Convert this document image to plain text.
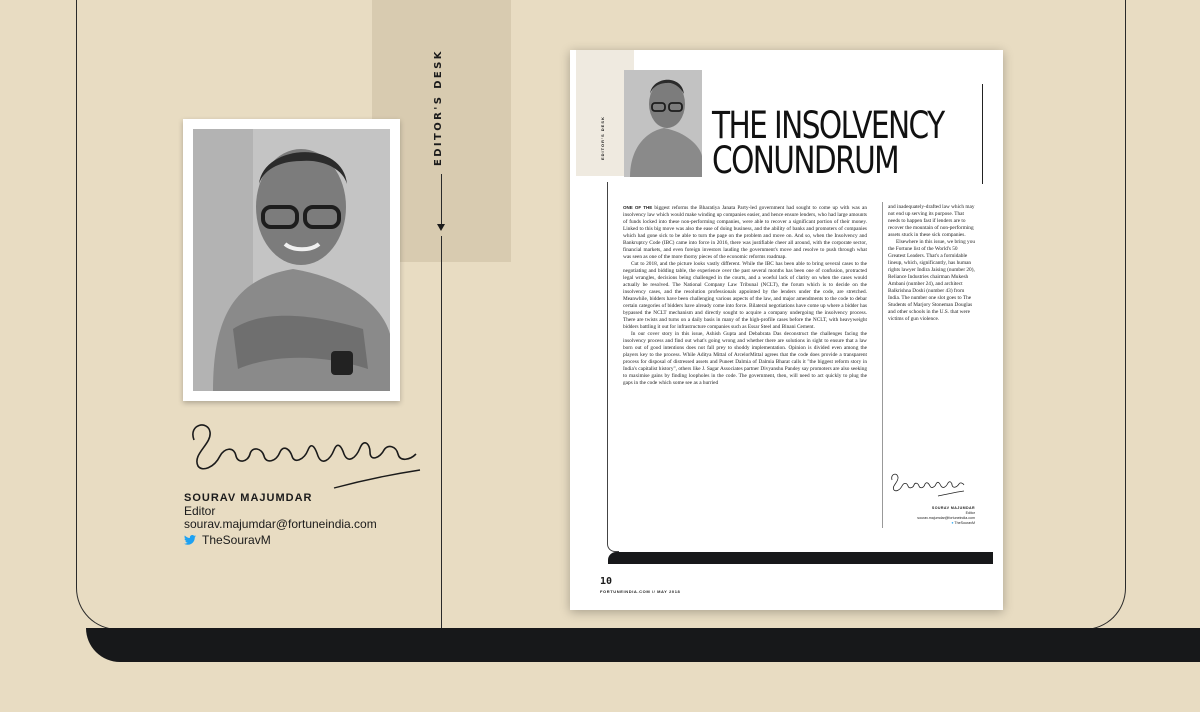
EDITOR'S DESK
SOURAV MAJUMDAR
Editor
sourav.majumdar@fortuneindia.com
TheSouravM
EDITOR'S DESK	THE INSOLVENCY
CONUNDRUM

ONE OF THE biggest reforms the Bharatiya Janata Party-led government had sought to come up with was an insolvency law which would make winding up companies easier, and hence ensure lenders, who had large amounts of funds locked into these non-performing companies, were able to recover a significant portion of their money. Linked to this big move was also the ease of doing business, and the ability of banks and promoters of companies which had gone sick to be able to turn the page on the problem and move on. And so, when the Insolvency and Bankruptcy Code (IBC) came into force in 2016, there was justifiable cheer all around, with the corporate sector, financial markets, and even foreign investors lauding the government's move and resolve to push through what was seen as one of the more thorny pieces of the economic reforms roadmap.

Cut to 2018, and the picture looks vastly different. While the IBC has been able to bring several cases to the negotiating and bidding table, the experience over the past several months has been one of confusion, protracted legal wrangles, decisions being challenged in the courts, and a woeful lack of clarity on when the cases would actually be resolved. The National Company Law Tribunal (NCLT), the forum which is to decide on the insolvency cases, and the resolution professionals appointed by the lenders under the code, are stretched. Meanwhile, bidders have been challenging various aspects of the law, and major amendments to the code to debar certain categories of bidders have already come into force. Bilateral negotiations have come up where a bidder has bypassed the NCLT mechanism and directly sought to acquire a company undergoing the insolvency process. There are twists and turns on a daily basis in many of the high-profile cases before the NCLT, with heavyweight bidders battling it out for infrastructure companies such as Essar Steel and Binani Cement.

In our cover story in this issue, Ashish Gupta and Debabrata Das deconstruct the challenges facing the insolvency process and find out what's going wrong and whether there are solutions in sight to ensure that a law born out of good intentions does not fall prey to shoddy implementation. Opinion is divided even among the players key to the process. While Aditya Mittal of ArcelorMittal agrees that the code does provide a transparent process for disposal of distressed assets and Puneet Dalmia of Dalmia Bharat calls it "the biggest reform story in India's capitalist history", others like J. Sagar Associates partner Divyanshu Pandey say promoters are also seeking to maximise gains by finding loopholes in the code. The government, then, will need to act quickly to plug the gaps in the code which some see as a hurried

and inadequately-drafted law which may not end up serving its purpose. That needs to happen fast if lenders are to recover the mountain of non-performing assets stuck in these sick companies.

Elsewhere in this issue, we bring you the Fortune list of the World's 50 Greatest Leaders. That's a formidable lineup, which, significantly, has human rights lawyer Indira Jaising (number 20), Reliance Industries chairman Mukesh Ambani (number 24), and architect Balkrishna Doshi (number 43) from India. The number one slot goes to The Students of Marjory Stoneman Douglas and other schools in the U.S. that were victims of gun violence.

SOURAV MAJUMDAR
Editor
sourav.majumdar@fortuneindia.com
● TheSouravM
10
FORTUNEINDIA.COM // MAY 2018
